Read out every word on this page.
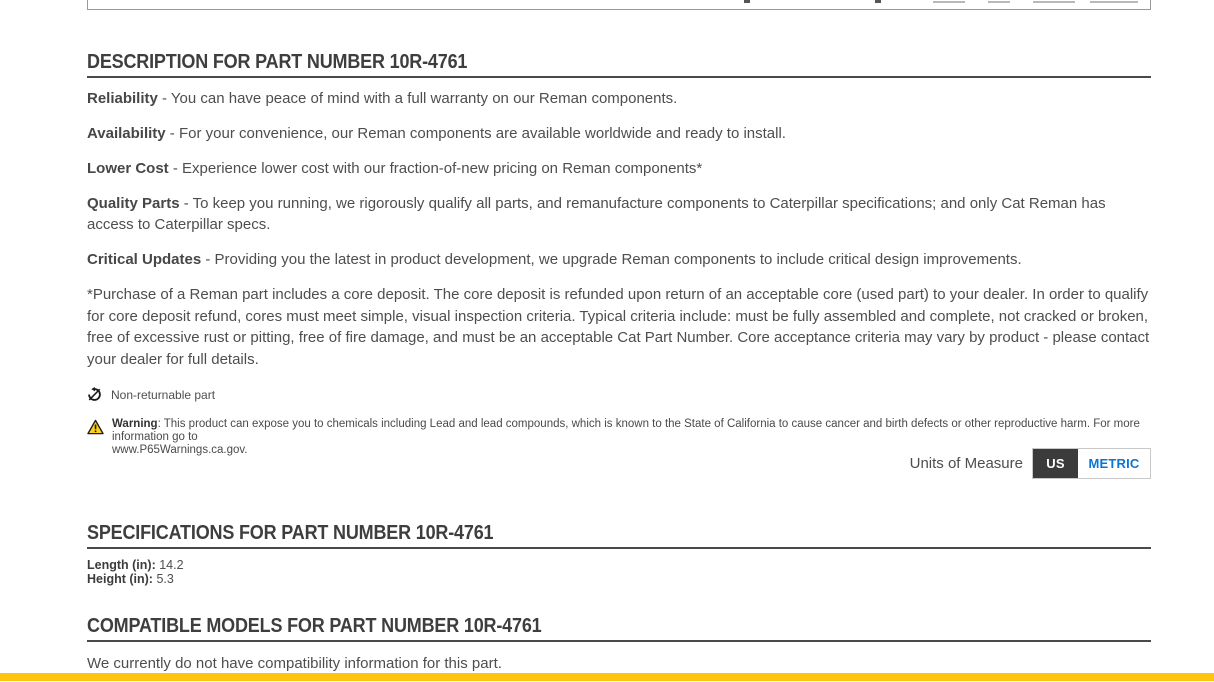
DESCRIPTION FOR PART NUMBER 10R-4761

Reliability - You can have peace of mind with a full warranty on our Reman components.

Availability - For your convenience, our Reman components are available worldwide and ready to install.

Lower Cost - Experience lower cost with our fraction-of-new pricing on Reman components*

Quality Parts - To keep you running, we rigorously qualify all parts, and remanufacture components to Caterpillar specifications; and only Cat Reman has access to Caterpillar specs.

Critical Updates - Providing you the latest in product development, we upgrade Reman components to include critical design improvements.

*Purchase of a Reman part includes a core deposit. The core deposit is refunded upon return of an acceptable core (used part) to your dealer. In order to qualify for core deposit refund, cores must meet simple, visual inspection criteria. Typical criteria include: must be fully assembled and complete, not cracked or broken, free of excessive rust or pitting, free of fire damage, and must be an acceptable Cat Part Number. Core acceptance criteria may vary by product - please contact your dealer for full details.

Non-returnable part
Warning: This product can expose you to chemicals including Lead and lead compounds, which is known to the State of California to cause cancer and birth defects or other reproductive harm. For more information go to
www.P65Warnings.ca.gov.
SPECIFICATIONS FOR PART NUMBER 10R-4761
Length (in): 14.2
Height (in): 5.3
COMPATIBLE MODELS FOR PART NUMBER 10R-4761

We currently do not have compatibility information for this part.

Units of Measure	US	METRIC
